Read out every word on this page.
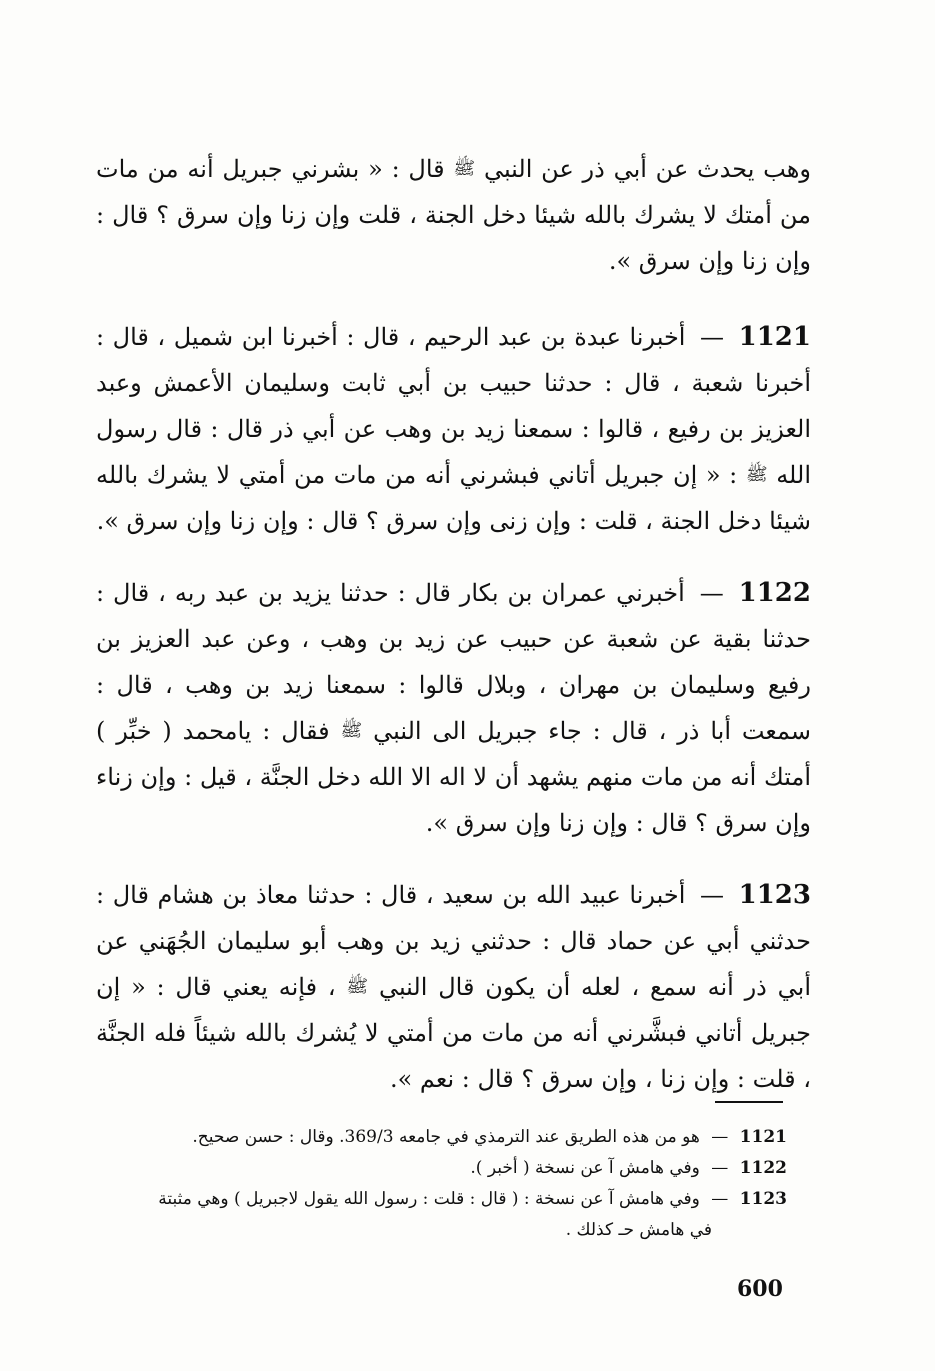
وهب يحدث عن أبي ذر عن النبي ﷺ قال : « بشرني جبريل أنه من مات من أمتك لا يشرك بالله شيئا دخل الجنة ، قلت وإن زنا وإن سرق ؟ قال : وإن زنا وإن سرق ».

1121 — أخبرنا عبدة بن عبد الرحيم ، قال : أخبرنا ابن شميل ، قال : أخبرنا شعبة ، قال : حدثنا حبيب بن أبي ثابت وسليمان الأعمش وعبد العزيز بن رفيع ، قالوا : سمعنا زيد بن وهب عن أبي ذر قال : قال رسول الله ﷺ : « إن جبريل أتاني فبشرني أنه من مات من أمتي لا يشرك بالله شيئا دخل الجنة ، قلت : وإن زنى وإن سرق ؟ قال : وإن زنا وإن سرق ».

1122 — أخبرني عمران بن بكار قال : حدثنا يزيد بن عبد ربه ، قال : حدثنا بقية عن شعبة عن حبيب عن زيد بن وهب ، وعن عبد العزيز بن رفيع وسليمان بن مهران ، وبلال قالوا : سمعنا زيد بن وهب ، قال : سمعت أبا ذر ، قال : جاء جبريل الى النبي ﷺ فقال : يامحمد ( خبِّر ) أمتك أنه من مات منهم يشهد أن لا اله الا الله دخل الجنَّة ، قيل : وإن زناء وإن سرق ؟ قال : وإن زنا وإن سرق ».

1123 — أخبرنا عبيد الله بن سعيد ، قال : حدثنا معاذ بن هشام قال : حدثني أبي عن حماد قال : حدثني زيد بن وهب أبو سليمان الجُهَني عن أبي ذر أنه سمع ، لعله أن يكون قال النبي ﷺ ، فإنه يعني قال : « إن جبريل أتاني فبشَّرني أنه من مات من أمتي لا يُشرك بالله شيئاً فله الجنَّة ، قلت : وإن زنا ، وإن سرق ؟ قال : نعم ».

1121 — هو من هذه الطريق عند الترمذي في جامعه 369/3. وقال : حسن صحيح.

1122 — وفي هامش آ عن نسخة ( أخبر ).

1123 — وفي هامش آ عن نسخة : ( قال : قلت : رسول الله يقول لاجبريل ) وهي مثبتة

في هامش حـ كذلك .

600
